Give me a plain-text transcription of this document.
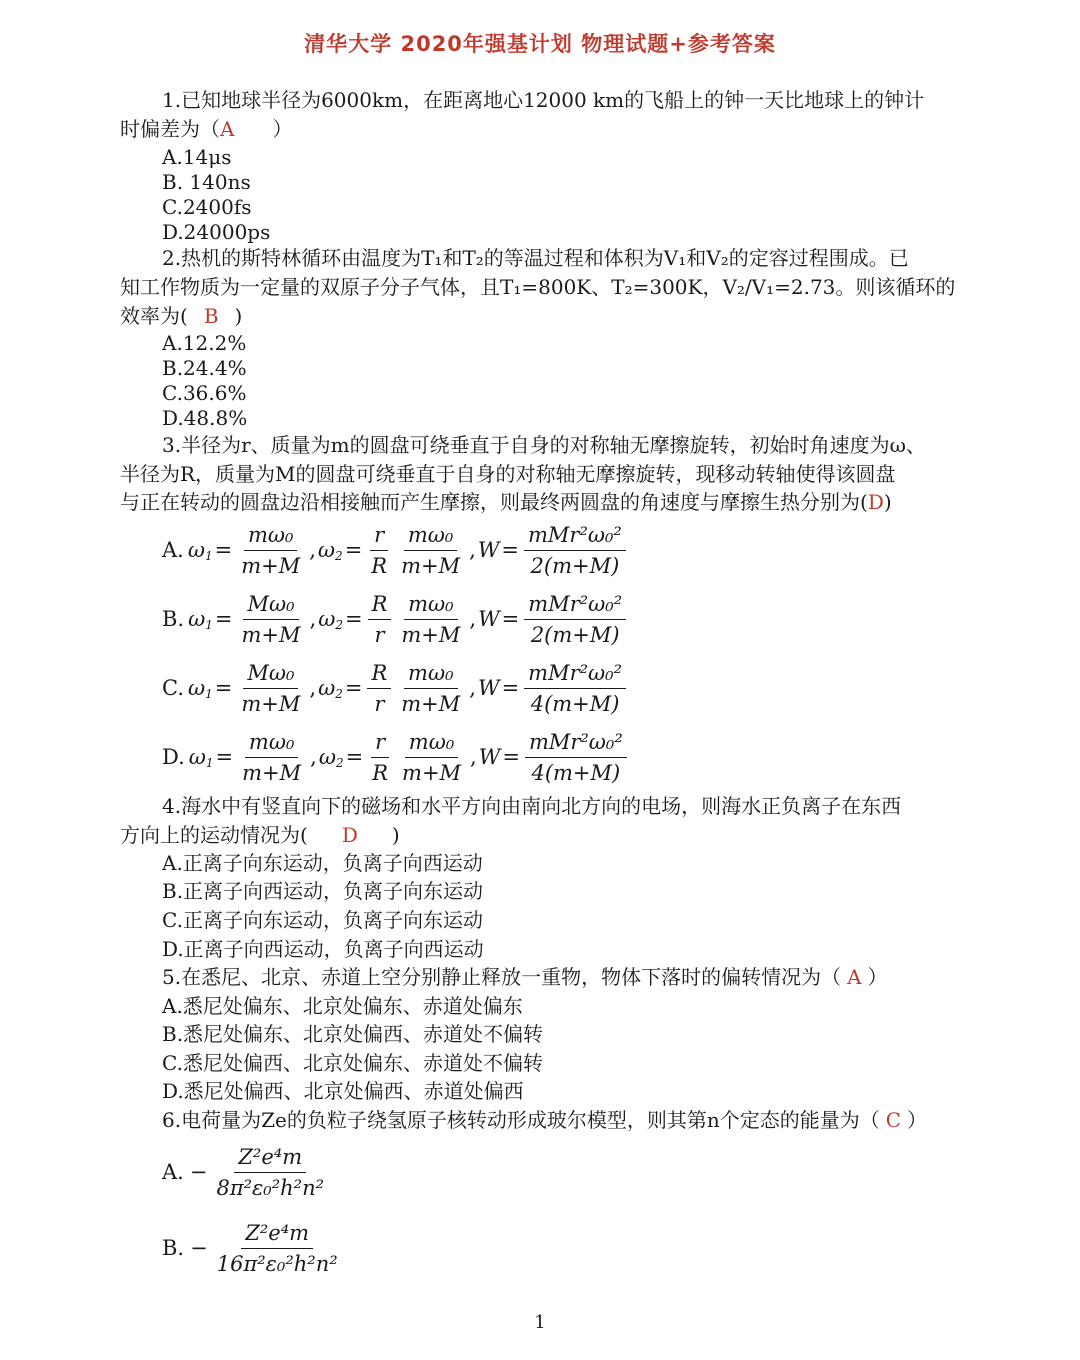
清华大学 2020年强基计划 物理试题+参考答案
1.已知地球半径为6000km，在距离地心12000 km的飞船上的钟一天比地球上的钟计
时偏差为（A ）
A.14μs
B. 140ns
C.2400fs
D.24000ps
2.热机的斯特林循环由温度为T₁和T₂的等温过程和体积为V₁和V₂的定容过程围成。已
知工作物质为一定量的双原子分子气体，且T₁=800K、T₂=300K，V₂/V₁=2.73。则该循环的
效率为( B )
A.12.2%
B.24.4%
C.36.6%
D.48.8%
3.半径为r、质量为m的圆盘可绕垂直于自身的对称轴无摩擦旋转，初始时角速度为ω、
半径为R，质量为M的圆盘可绕垂直于自身的对称轴无摩擦旋转，现移动转轴使得该圆盘
与正在转动的圆盘边沿相接触而产生摩擦，则最终两圆盘的角速度与摩擦生热分别为(D)
A. $\omega_1 = \frac{\text{mω₀}}{m+M}$ , $\omega_2 = \frac{r}{R} \frac{\text{mω₀}}{m+M}$ , $W = \frac{\text{mMr²ω₀²}}{2(m+M)}$
B. $\omega_1 = \frac{\text{Mω₀}}{m+M}$ , $\omega_2 = \frac{R}{r} \frac{\text{mω₀}}{m+M}$ , $W = \frac{\text{mMr²ω₀²}}{2(m+M)}$
C. $\omega_1 = \frac{\text{Mω₀}}{m+M}$ , $\omega_2 = \frac{R}{r} \frac{\text{mω₀}}{m+M}$ , $W = \frac{\text{mMr²ω₀²}}{4(m+M)}$
D. $\omega_1 = \frac{\text{mω₀}}{m+M}$ , $\omega_2 = \frac{r}{R} \frac{\text{mω₀}}{m+M}$ , $W = \frac{\text{mMr²ω₀²}}{4(m+M)}$
4.海水中有竖直向下的磁场和水平方向由南向北方向的电场，则海水正负离子在东西
方向上的运动情况为( D )
A.正离子向东运动，负离子向西运动
B.正离子向西运动，负离子向东运动
C.正离子向东运动，负离子向东运动
D.正离子向西运动，负离子向西运动
5.在悉尼、北京、赤道上空分别静止释放一重物，物体下落时的偏转情况为（ A ）
A.悉尼处偏东、北京处偏东、赤道处偏东
B.悉尼处偏东、北京处偏西、赤道处不偏转
C.悉尼处偏西、北京处偏东、赤道处不偏转
D.悉尼处偏西、北京处偏西、赤道处偏西
6.电荷量为Ze的负粒子绕氢原子核转动形成玻尔模型，则其第n个定态的能量为（ C ）
A. − $\frac{\text{Z²e⁴m}}{\text{8π²ε₀²h²n²}}$
B. − $\frac{\text{Z²e⁴m}}{\text{16π²ε₀²h²n²}}$
1
